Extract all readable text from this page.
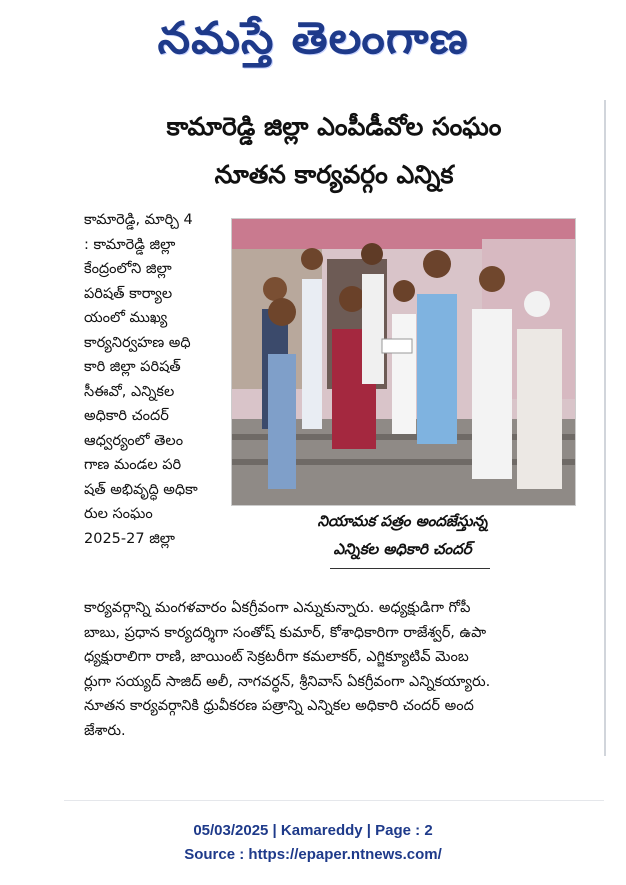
నమస్తే తెలంగాణ
కామారెడ్డి జిల్లా ఎంపీడీవోల సంఘం
నూతన కార్యవర్గం ఎన్నిక
కామారెడ్డి, మార్చి 4
: కామారెడ్డి జిల్లా
కేంద్రంలోని జిల్లా
పరిషత్ కార్యాల
యంలో ముఖ్య
కార్యనిర్వహణ అధి
కారి జిల్లా పరిషత్
సీఈవో, ఎన్నికల
అధికారి చందర్
ఆధ్వర్యంలో తెలం
గాణ మండల పరి
షత్ అభివృద్ధి అధికా
రుల సంఘం
2025-27 జిల్లా
నియామక పత్రం అందజేస్తున్న
ఎన్నికల అధికారి చందర్
కార్యవర్గాన్ని మంగళవారం ఏకగ్రీవంగా ఎన్నుకున్నారు. అధ్యక్షుడిగా గోపీ
బాబు, ప్రధాన కార్యదర్శిగా సంతోష్ కుమార్, కోశాధికారిగా రాజేశ్వర్, ఉపా
ధ్యక్షురాలిగా రాణి, జాయింట్ సెక్రటరీగా కమలాకర్, ఎగ్జిక్యూటివ్ మెంబ
ర్లుగా సయ్యద్ సాజిద్ అలీ, నాగవర్ధన్, శ్రీనివాస్ ఏకగ్రీవంగా ఎన్నికయ్యారు.
నూతన కార్యవర్గానికి ధ్రువీకరణ పత్రాన్ని ఎన్నికల అధికారి చందర్ అంద
జేశారు.
05/03/2025 | Kamareddy | Page : 2
Source : https://epaper.ntnews.com/
